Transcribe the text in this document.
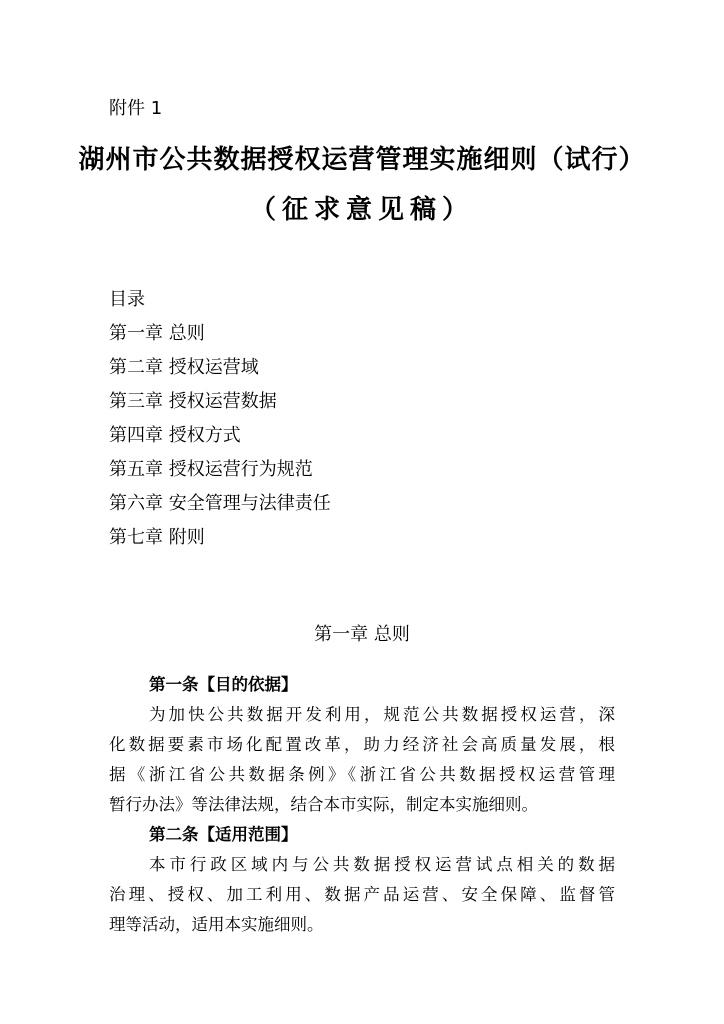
附件 1
湖州市公共数据授权运营管理实施细则（试行）
（征求意见稿）
目录
第一章 总则
第二章 授权运营域
第三章 授权运营数据
第四章 授权方式
第五章 授权运营行为规范
第六章 安全管理与法律责任
第七章 附则
第一章 总则
第一条【目的依据】
为加快公共数据开发利用，规范公共数据授权运营，深
化数据要素市场化配置改革，助力经济社会高质量发展，根
据《浙江省公共数据条例》《浙江省公共数据授权运营管理
暂行办法》等法律法规，结合本市实际，制定本实施细则。
第二条【适用范围】
本市行政区域内与公共数据授权运营试点相关的数据
治理、授权、加工利用、数据产品运营、安全保障、监督管
理等活动，适用本实施细则。
